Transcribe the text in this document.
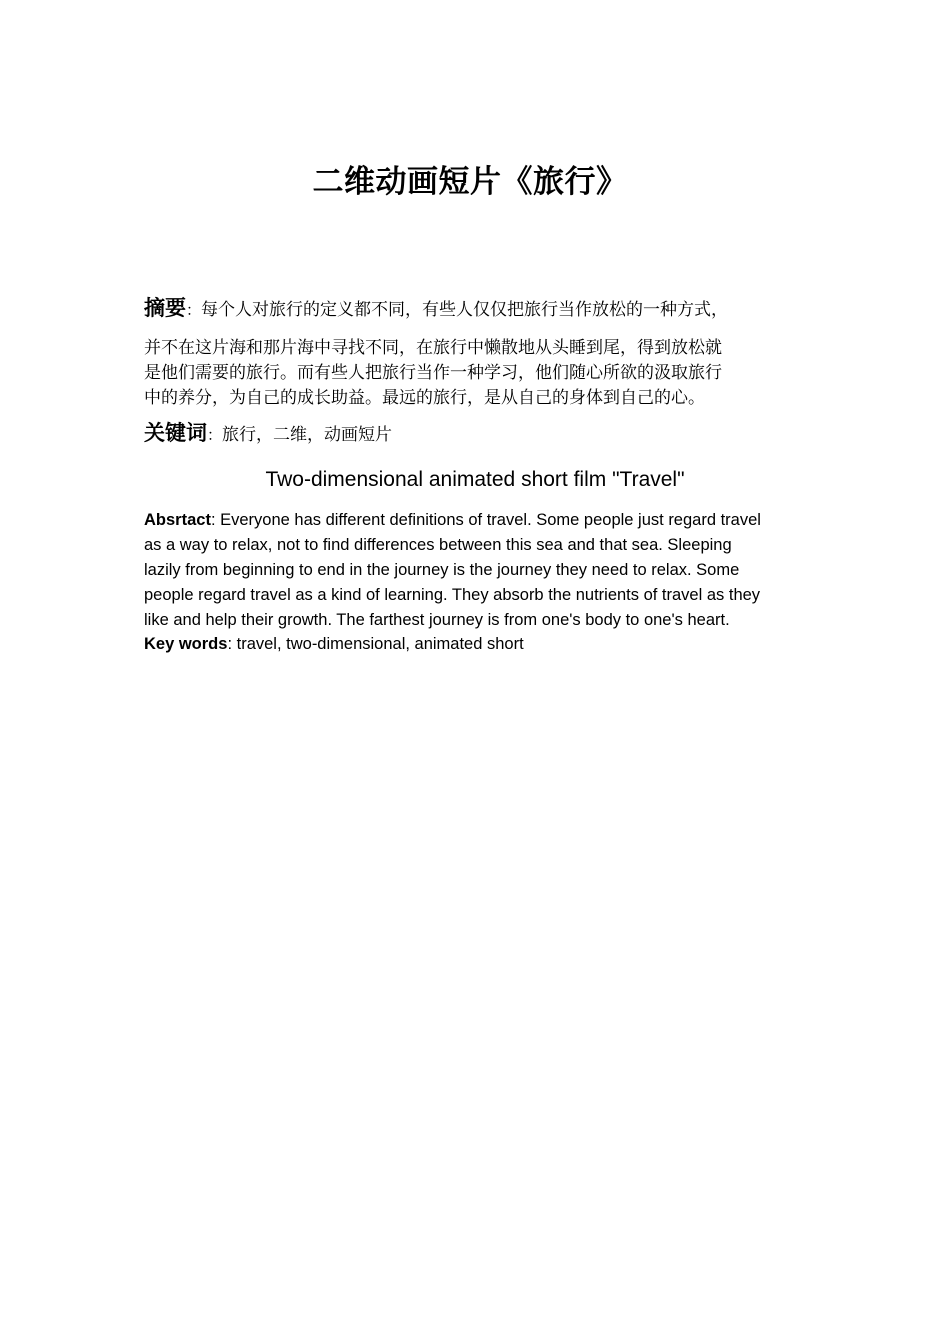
二维动画短片《旅行》
摘要：每个人对旅行的定义都不同，有些人仅仅把旅行当作放松的一种方式，
并不在这片海和那片海中寻找不同，在旅行中懒散地从头睡到尾，得到放松就
是他们需要的旅行。而有些人把旅行当作一种学习，他们随心所欲的汲取旅行
中的养分，为自己的成长助益。最远的旅行，是从自己的身体到自己的心。
关键词：旅行，二维，动画短片
Two-dimensional animated short film "Travel"
Absrtact: Everyone has different definitions of travel. Some people just regard travel
as a way to relax, not to find differences between this sea and that sea. Sleeping
lazily from beginning to end in the journey is the journey they need to relax. Some
people regard travel as a kind of learning. They absorb the nutrients of travel as they
like and help their growth. The farthest journey is from one's body to one's heart.
Key words: travel, two-dimensional, animated short
